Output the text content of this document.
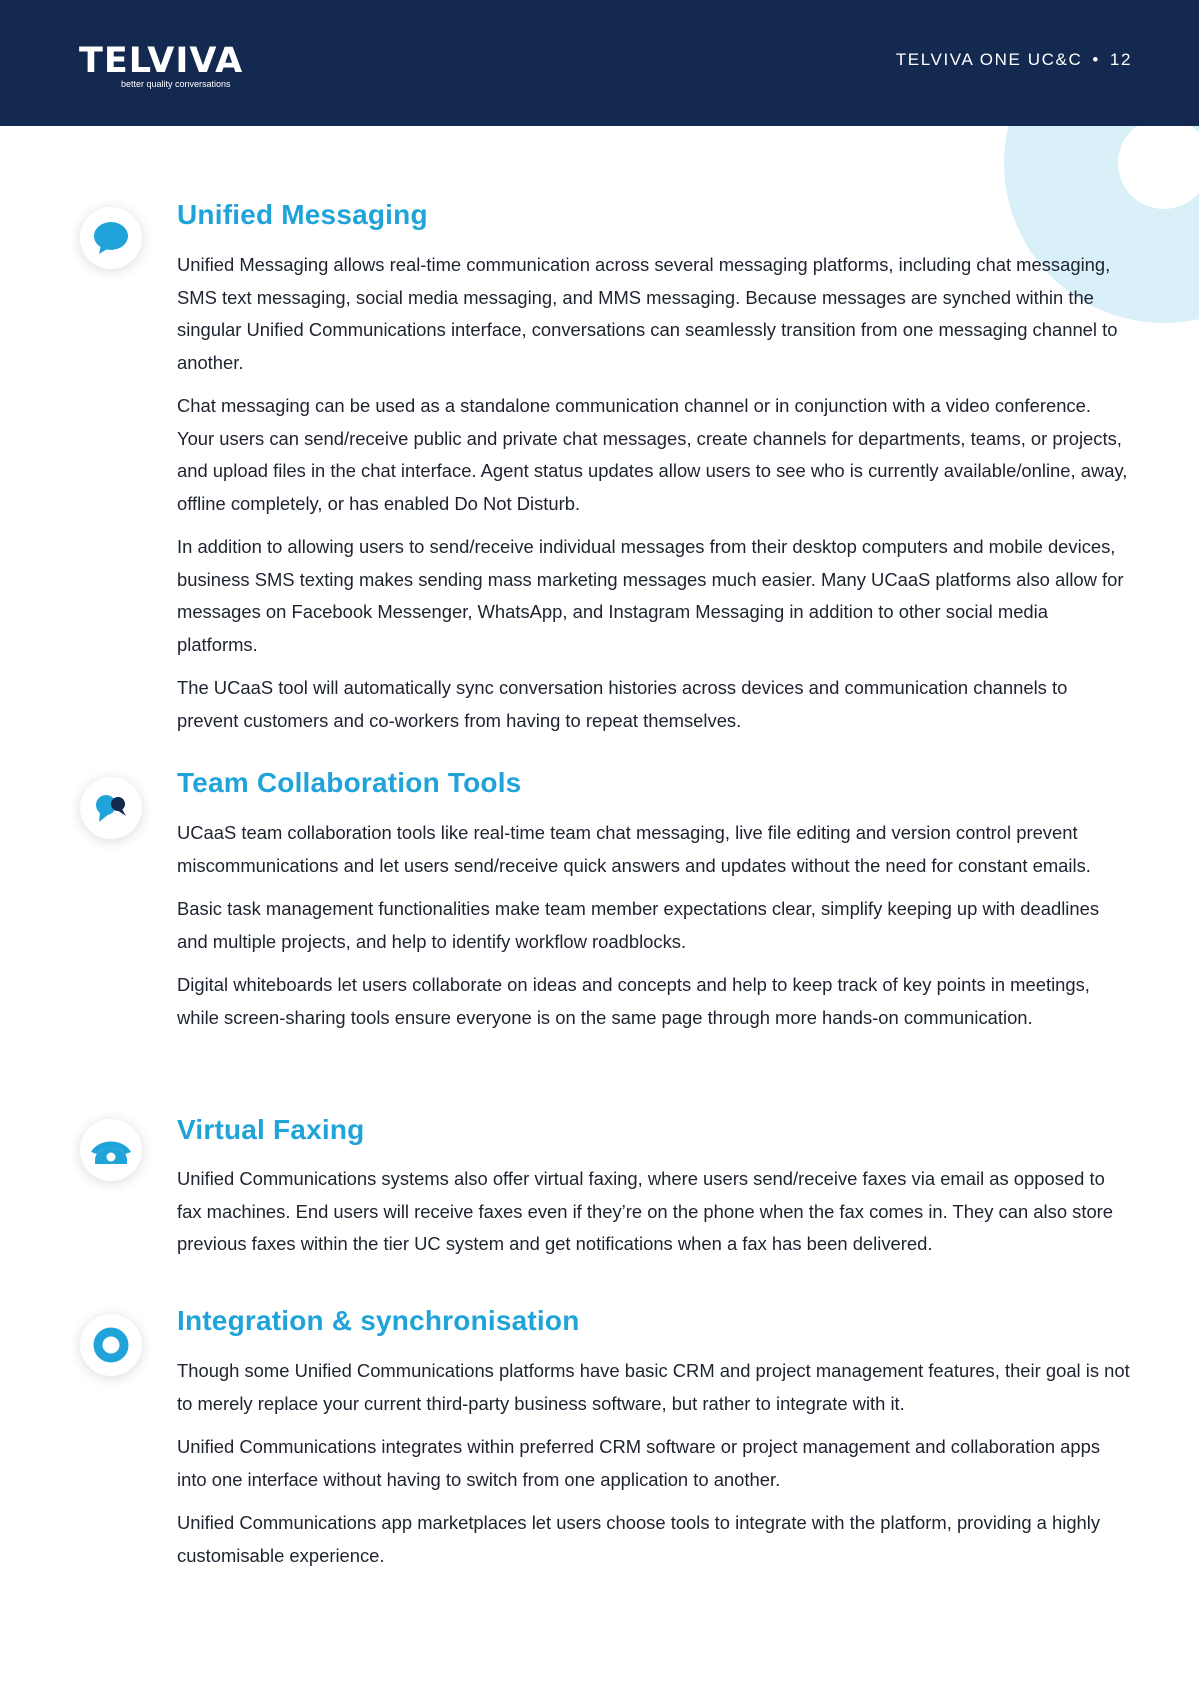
TELVIVA
better quality conversations
TELVIVA ONE UC&C • 12
Unified Messaging

Unified Messaging allows real-time communication across several messaging platforms, including chat messaging, SMS text messaging, social media messaging, and MMS messaging. Because messages are synched within the singular Unified Communications interface, conversations can seamlessly transition from one messaging channel to another.

Chat messaging can be used as a standalone communication channel or in conjunction with a video conference. Your users can send/receive public and private chat messages, create channels for departments, teams, or projects, and upload files in the chat interface. Agent status updates allow users to see who is currently available/online, away, offline completely, or has enabled Do Not Disturb.

In addition to allowing users to send/receive individual messages from their desktop computers and mobile devices, business SMS texting makes sending mass marketing messages much easier. Many UCaaS platforms also allow for messages on Facebook Messenger, WhatsApp, and Instagram Messaging in addition to other social media platforms.

The UCaaS tool will automatically sync conversation histories across devices and communication channels to prevent customers and co-workers from having to repeat themselves.

Team Collaboration Tools

UCaaS team collaboration tools like real-time team chat messaging, live file editing and version control prevent miscommunications and let users send/receive quick answers and updates without the need for constant emails.

Basic task management functionalities make team member expectations clear, simplify keeping up with deadlines and multiple projects, and help to identify workflow roadblocks.

Digital whiteboards let users collaborate on ideas and concepts and help to keep track of key points in meetings, while screen-sharing tools ensure everyone is on the same page through more hands-on communication.

Virtual Faxing

Unified Communications systems also offer virtual faxing, where users send/receive faxes via email as opposed to fax machines. End users will receive faxes even if they’re on the phone when the fax comes in. They can also store previous faxes within the tier UC system and get notifications when a fax has been delivered.

Integration & synchronisation

Though some Unified Communications platforms have basic CRM and project management features, their goal is not to merely replace your current third-party business software, but rather to integrate with it.

Unified Communications integrates within preferred CRM software or project management and collaboration apps into one interface without having to switch from one application to another.

Unified Communications app marketplaces let users choose tools to integrate with the platform, providing a highly customisable experience.
